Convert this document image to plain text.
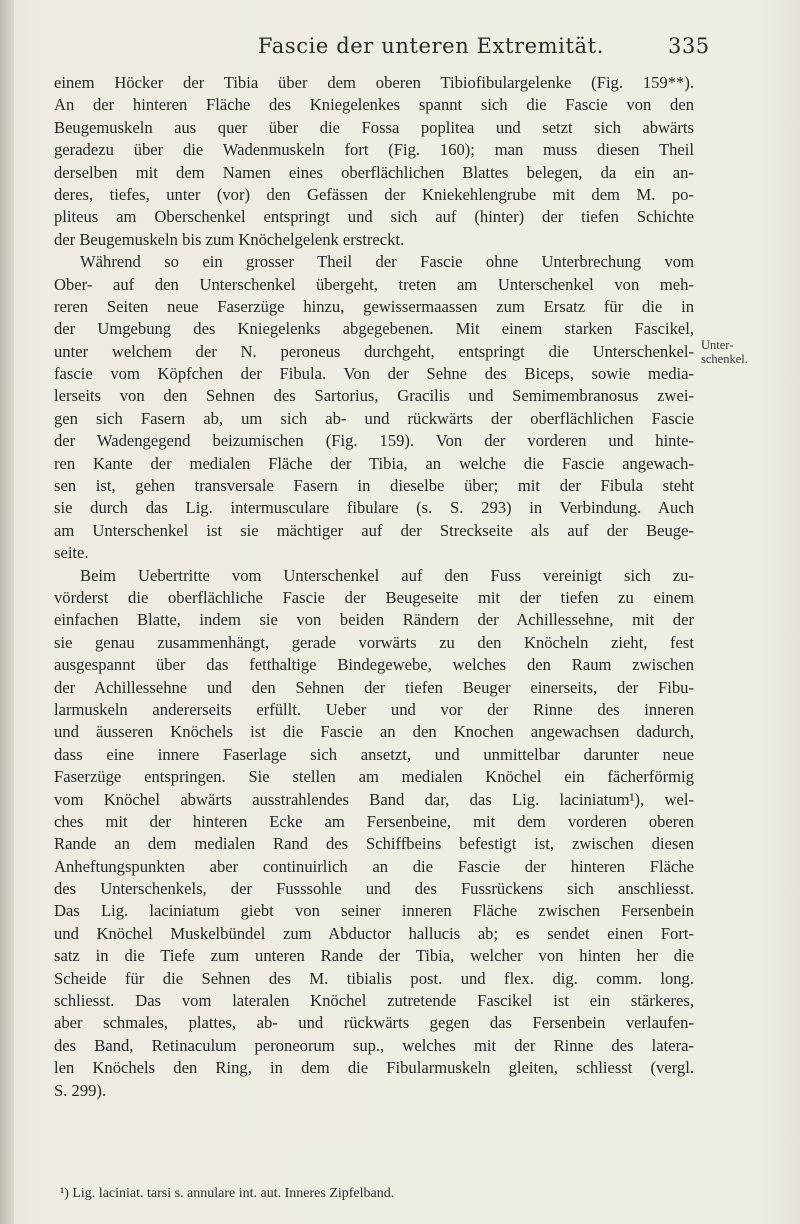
Fascie der unteren Extremität.	335
Unter-
schenkel.
einem Höcker der Tibia über dem oberen Tibiofibulargelenke (Fig. 159**).
An der hinteren Fläche des Kniegelenkes spannt sich die Fascie von den
Beugemuskeln aus quer über die Fossa poplitea und setzt sich abwärts
geradezu über die Wadenmuskeln fort (Fig. 160); man muss diesen Theil
derselben mit dem Namen eines oberflächlichen Blattes belegen, da ein an-
deres, tiefes, unter (vor) den Gefässen der Kniekehlengrube mit dem M. po-
pliteus am Oberschenkel entspringt und sich auf (hinter) der tiefen Schichte
der Beugemuskeln bis zum Knöchelgelenk erstreckt.
Während so ein grosser Theil der Fascie ohne Unterbrechung vom
Ober- auf den Unterschenkel übergeht, treten am Unterschenkel von meh-
reren Seiten neue Faserzüge hinzu, gewissermaassen zum Ersatz für die in
der Umgebung des Kniegelenks abgegebenen. Mit einem starken Fascikel,
unter welchem der N. peroneus durchgeht, entspringt die Unterschenkel-
fascie vom Köpfchen der Fibula. Von der Sehne des Biceps, sowie media-
lerseits von den Sehnen des Sartorius, Gracilis und Semimembranosus zwei-
gen sich Fasern ab, um sich ab- und rückwärts der oberflächlichen Fascie
der Wadengegend beizumischen (Fig. 159). Von der vorderen und hinte-
ren Kante der medialen Fläche der Tibia, an welche die Fascie angewach-
sen ist, gehen transversale Fasern in dieselbe über; mit der Fibula steht
sie durch das Lig. intermusculare fibulare (s. S. 293) in Verbindung. Auch
am Unterschenkel ist sie mächtiger auf der Streckseite als auf der Beuge-
seite.
Beim Uebertritte vom Unterschenkel auf den Fuss vereinigt sich zu-
vörderst die oberflächliche Fascie der Beugeseite mit der tiefen zu einem
einfachen Blatte, indem sie von beiden Rändern der Achillessehne, mit der
sie genau zusammenhängt, gerade vorwärts zu den Knöcheln zieht, fest
ausgespannt über das fetthaltige Bindegewebe, welches den Raum zwischen
der Achillessehne und den Sehnen der tiefen Beuger einerseits, der Fibu-
larmuskeln andererseits erfüllt. Ueber und vor der Rinne des inneren
und äusseren Knöchels ist die Fascie an den Knochen angewachsen dadurch,
dass eine innere Faserlage sich ansetzt, und unmittelbar darunter neue
Faserzüge entspringen. Sie stellen am medialen Knöchel ein fächerförmig
vom Knöchel abwärts ausstrahlendes Band dar, das Lig. laciniatum¹), wel-
ches mit der hinteren Ecke am Fersenbeine, mit dem vorderen oberen
Rande an dem medialen Rand des Schiffbeins befestigt ist, zwischen diesen
Anheftungspunkten aber continuirlich an die Fascie der hinteren Fläche
des Unterschenkels, der Fusssohle und des Fussrückens sich anschliesst.
Das Lig. laciniatum giebt von seiner inneren Fläche zwischen Fersenbein
und Knöchel Muskelbündel zum Abductor hallucis ab; es sendet einen Fort-
satz in die Tiefe zum unteren Rande der Tibia, welcher von hinten her die
Scheide für die Sehnen des M. tibialis post. und flex. dig. comm. long.
schliesst. Das vom lateralen Knöchel zutretende Fascikel ist ein stärkeres,
aber schmales, plattes, ab- und rückwärts gegen das Fersenbein verlaufen-
des Band, Retinaculum peroneorum sup., welches mit der Rinne des latera-
len Knöchels den Ring, in dem die Fibularmuskeln gleiten, schliesst (vergl.
S. 299).
¹) Lig. laciniat. tarsi s. annulare int. aut. Inneres Zipfelband.
